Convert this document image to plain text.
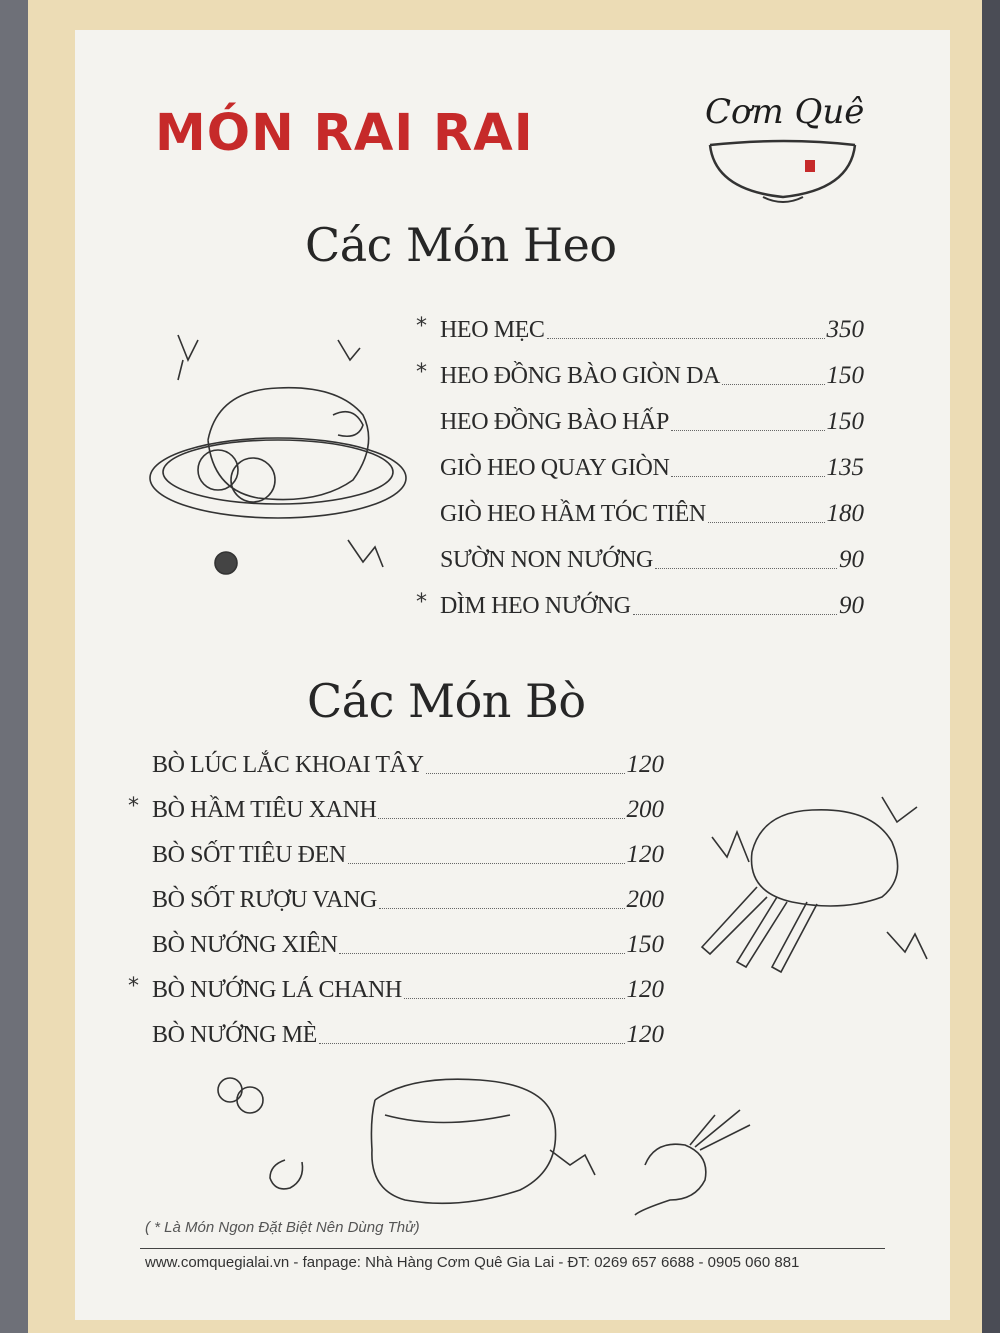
MÓN RAI RAI	Cơm Quê
Các Món Heo
* HEO MẸC	350
* HEO ĐỒNG BÀO GIÒN DA	150
HEO ĐỒNG BÀO HẤP	150
GIÒ HEO QUAY GIÒN	135
GIÒ HEO HẦM TÓC TIÊN	180
SƯỜN NON NƯỚNG	90
* DÌM HEO NƯỚNG	90
Các Món Bò
BÒ LÚC LẮC KHOAI TÂY	120
* BÒ HẦM TIÊU XANH	200
BÒ SỐT TIÊU ĐEN	120
BÒ SỐT RƯỢU VANG	200
BÒ NƯỚNG XIÊN	150
* BÒ NƯỚNG LÁ CHANH	120
BÒ NƯỚNG MÈ	120
( * Là Món Ngon Đặt Biệt Nên Dùng Thử)
www.comquegialai.vn - fanpage: Nhà Hàng Cơm Quê Gia Lai - ĐT: 0269 657 6688 - 0905 060 881
